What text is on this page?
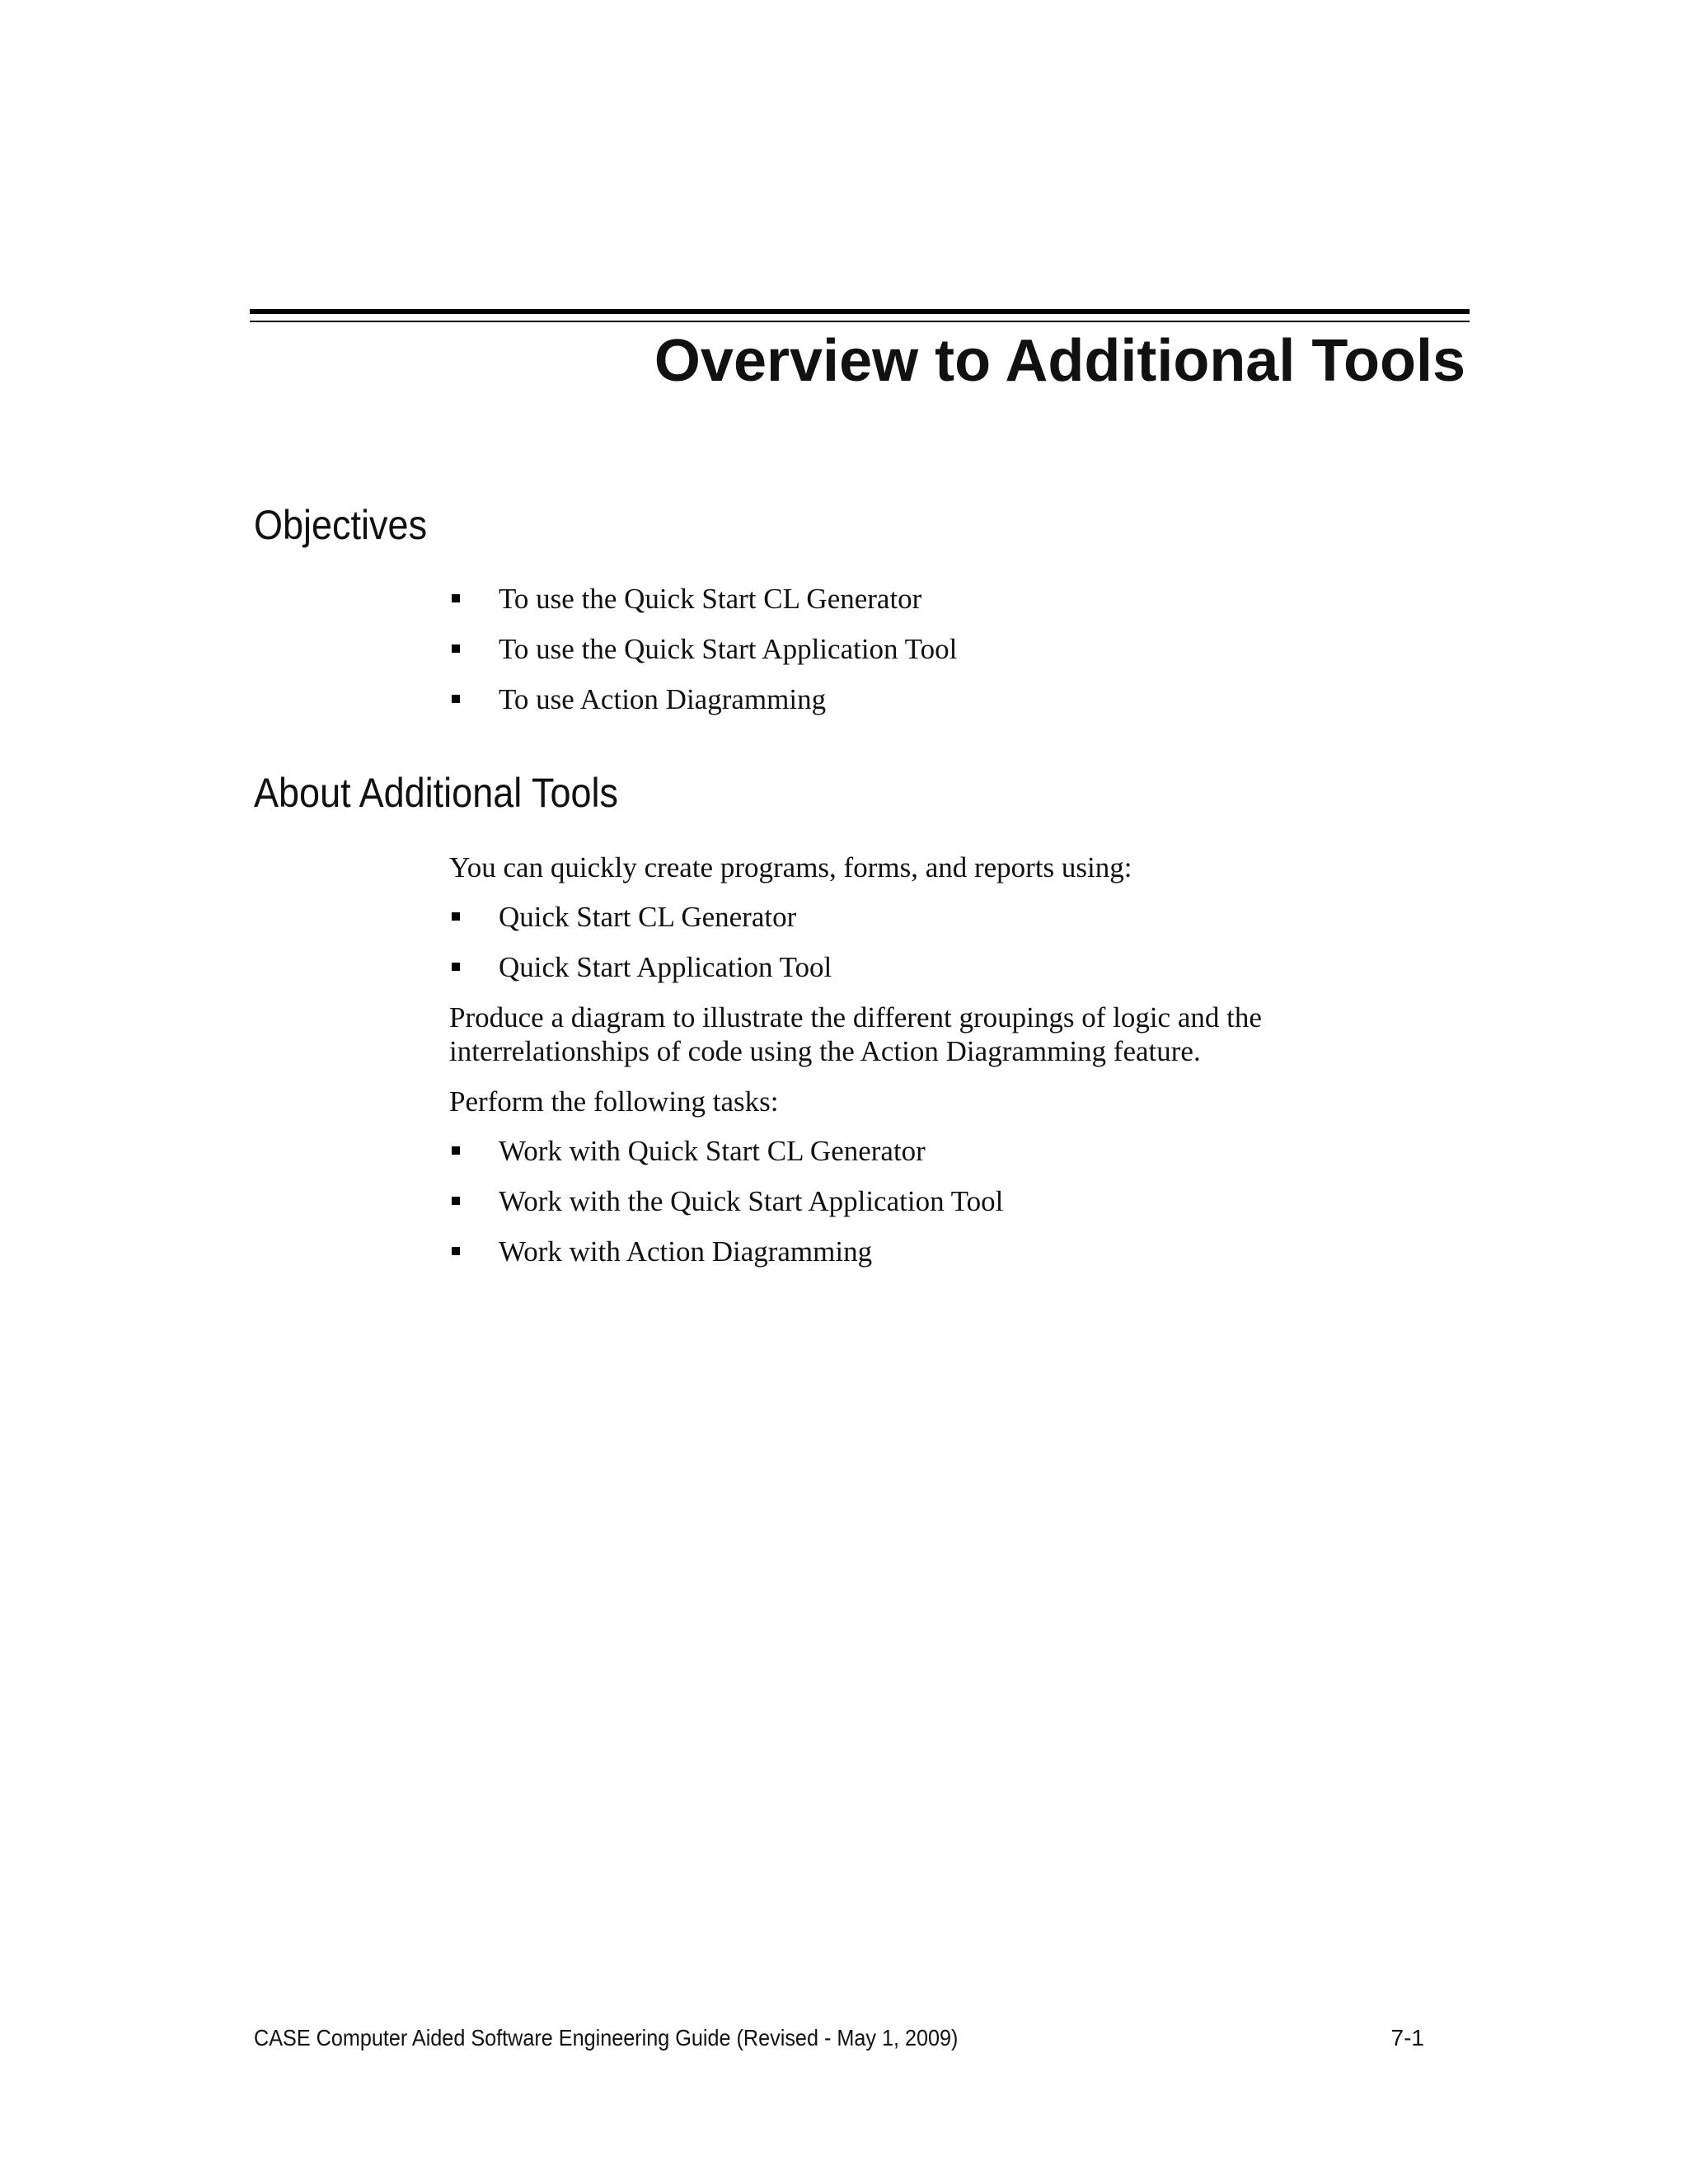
Overview to Additional Tools
Objectives
To use the Quick Start CL Generator
To use the Quick Start Application Tool
To use Action Diagramming
About Additional Tools

You can quickly create programs, forms, and reports using:

Quick Start CL Generator
Quick Start Application Tool

Produce a diagram to illustrate the different groupings of logic and the
interrelationships of code using the Action Diagramming feature.

Perform the following tasks:

Work with Quick Start CL Generator
Work with the Quick Start Application Tool
Work with Action Diagramming

CASE Computer Aided Software Engineering Guide (Revised - May 1, 2009)	7-1
